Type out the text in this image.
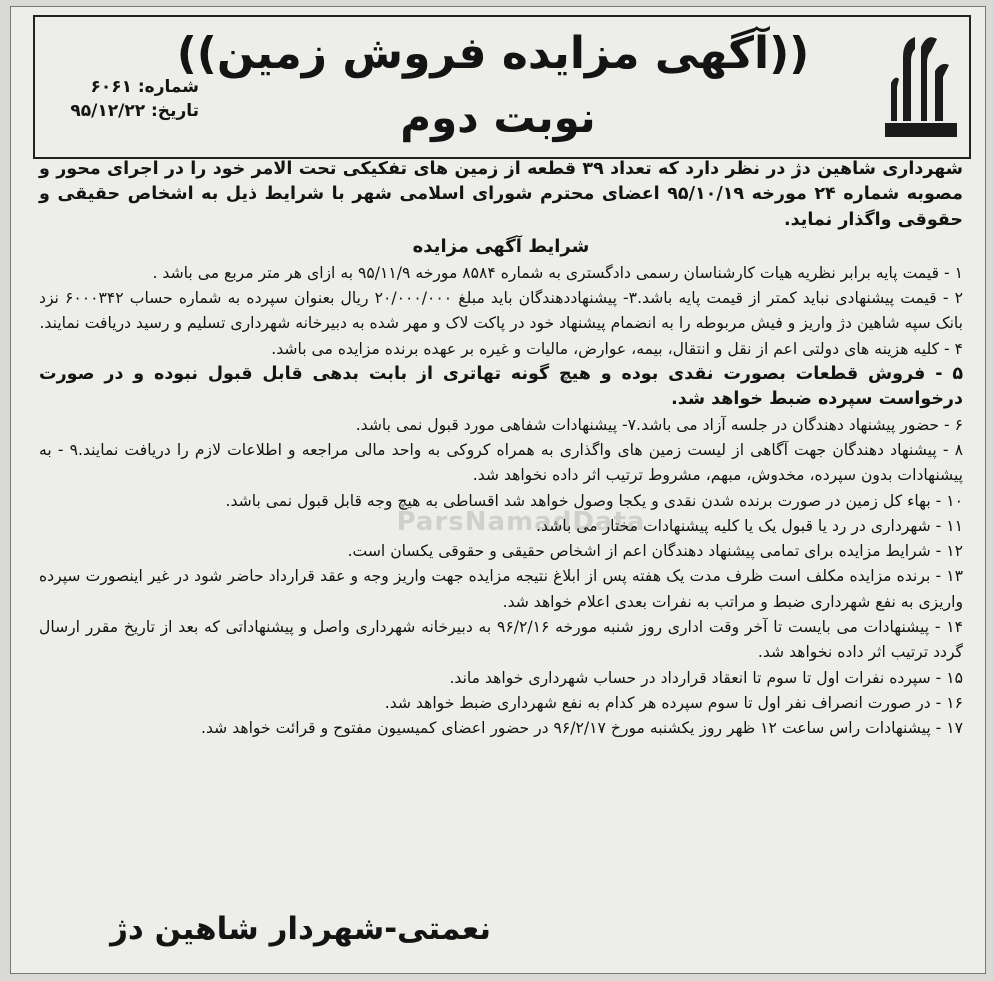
((آگهی مزایده فروش زمین))
نوبت دوم
شماره: ۶۰۶۱
تاریخ: ۹۵/۱۲/۲۲
ParsNamadData

شهرداری شاهین دژ در نظر دارد که تعداد ۳۹ قطعه از زمین های تفکیکی تحت الامر خود را در اجرای محور و مصوبه شماره ۲۴ مورخه ۹۵/۱۰/۱۹ اعضای محترم شورای اسلامی شهر با شرایط ذیل به اشخاص حقیقی و حقوقی واگذار نماید.

شرایط آگهی مزایده

۱ - قیمت پایه برابر نظریه هیات کارشناسان رسمی دادگستری به شماره ۸۵۸۴ مورخه ۹۵/۱۱/۹ به ازای هر متر مربع می باشد .

۲ - قیمت پیشنهادی نباید کمتر از قیمت پایه باشد.۳- پیشنهاددهندگان باید مبلغ ۲۰/۰۰۰/۰۰۰ ریال بعنوان سپرده به شماره حساب ۶۰۰۰۳۴۲ نزد بانک سپه شاهین دژ واریز و فیش مربوطه را به انضمام پیشنهاد خود در پاکت لاک و مهر شده به دبیرخانه شهرداری تسلیم و رسید دریافت نمایند.

۴ - کلیه هزینه های دولتی اعم از نقل و انتقال، بیمه، عوارض، مالیات و غیره بر عهده برنده مزایده می باشد.

۵ - فروش قطعات بصورت نقدی بوده و هیچ گونه تهاتری از بابت بدهی قابل قبول نبوده و در صورت درخواست سپرده ضبط خواهد شد.

۶ - حضور پیشنهاد دهندگان در جلسه آزاد می باشد.۷- پیشنهادات شفاهی مورد قبول نمی باشد.

۸ - پیشنهاد دهندگان جهت آگاهی از لیست زمین های واگذاری به همراه کروکی به واحد مالی مراجعه و اطلاعات لازم را دریافت نمایند.۹ - به پیشنهادات بدون سپرده، مخدوش، مبهم، مشروط ترتیب اثر داده نخواهد شد.

۱۰ - بهاء کل زمین در صورت برنده شدن نقدی و یکجا وصول خواهد شد اقساطی به هیچ وجه قابل قبول نمی باشد.

۱۱ - شهرداری در رد یا قبول یک یا کلیه پیشنهادات مختار می باشد.

۱۲ - شرایط مزایده برای تمامی پیشنهاد دهندگان اعم از اشخاص حقیقی و حقوقی یکسان است.

۱۳ - برنده مزایده مکلف است ظرف مدت یک هفته پس از ابلاغ نتیجه مزایده جهت واریز وجه و عقد قرارداد حاضر شود در غیر اینصورت سپرده واریزی به نفع شهرداری ضبط و مراتب به نفرات بعدی اعلام خواهد شد.

۱۴ - پیشنهادات می بایست تا آخر وقت اداری روز شنبه مورخه ۹۶/۲/۱۶ به دبیرخانه شهرداری واصل و پیشنهاداتی که بعد از تاریخ مقرر ارسال گردد ترتیب اثر داده نخواهد شد.

۱۵ - سپرده نفرات اول تا سوم تا انعقاد قرارداد در حساب شهرداری خواهد ماند.

۱۶ - در صورت انصراف نفر اول تا سوم سپرده هر کدام به نفع شهرداری ضبط خواهد شد.

۱۷ - پیشنهادات راس ساعت ۱۲ ظهر روز یکشنبه مورخ ۹۶/۲/۱۷ در حضور اعضای کمیسیون مفتوح و قرائت خواهد شد.

نعمتی-شهردار شاهین دژ
